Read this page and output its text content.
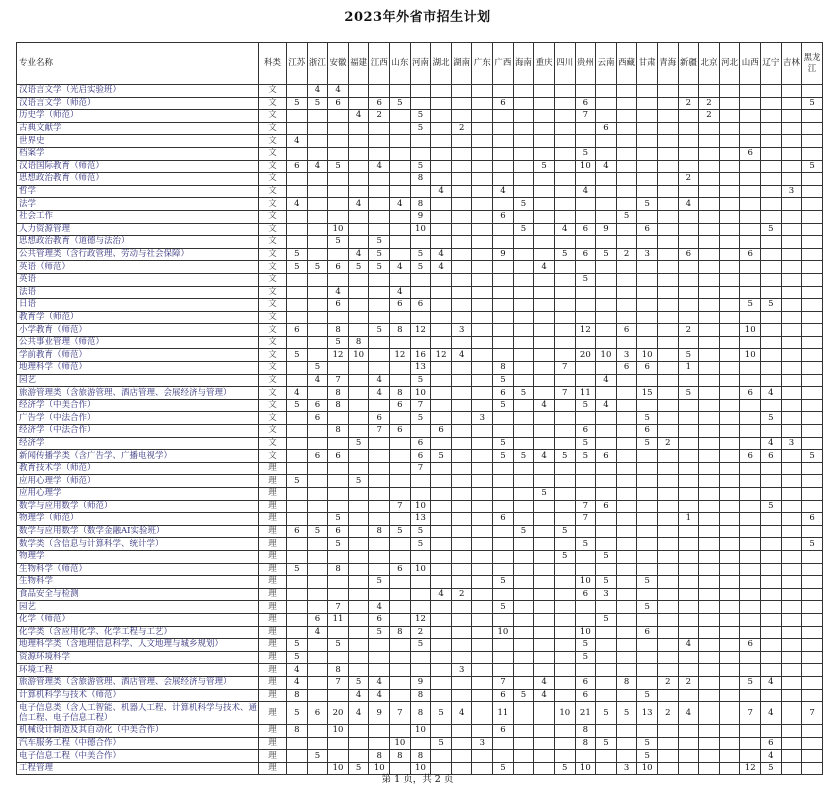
2023年外省市招生计划
专业名称	科类	江苏	浙江	安徽	福建	江西	山东	河南	湖北	湖南	广东	广西	海南	重庆	四川	贵州	云南	西藏	甘肃	青海	新疆	北京	河北	山西	辽宁	吉林	黑龙江
汉语言文学（光启实验班）	文		4	4																							
汉语言文学（师范）	文	5	5	6		6	5					6				6					2	2					5
历史学（师范）	文				4	2		5								7						2					
古典文献学	文							5		2							6										
世界史	文	4																									
档案学	文															5								6			
汉语国际教育（师范）	文	6	4	5		4		5						5		10	4										5
思想政治教育（师范）	文							8													2						
哲学	文								4			4				4										3	
法学	文	4			4		4	8					5						5		4						
社会工作	文							9				6						5									
人力资源管理	文			10				10					5		4	6	9		6						5		
思想政治教育（道德与法治）	文			5		5																					
公共管理类（含行政管理、劳动与社会保障）	文	5			4	5		5	4			9			5	6	5	2	3		6			6			
英语（师范）	文	5	5	6	5	5	4	5	4					4													
英语	文															5											
法语	文			4			4																				
日语	文			6			6	6																5	5		
教育学（师范）	文																										
小学教育（师范）	文	6		8		5	8	12		3						12		6			2			10			
公共事业管理（师范）	文			5	8																						
学前教育（师范）	文	5		12	10		12	16	12	4						20	10	3	10		5			10			
地理科学（师范）	文		5					13				8			7			6	6		1						
园艺	文		4	7		4		5				5					4										
旅游管理类（含旅游管理、酒店管理、会展经济与管理）	文	4		8		4	8	10				6	5		7	11			15		5			6	4		
经济学（中美合作）	文	5	6	8			6	7				5		4		5	4										
广告学（中法合作）	文		6			6		5			3								5						5		
经济学（中法合作）	文			8		7	6		6							6			6								
经济学	文				5			6				5				5			5	2					4	3	
新闻传播学类（含广告学、广播电视学）	文		6	6				6	5			5	5	4	5	5	6							6	6		5
教育技术学（师范）	理							7																			
应用心理学（师范）	理	5			5																						
应用心理学	理													5													
数学与应用数学（师范）	理						7	10								7	6								5		
物理学（师范）	理			5				13				6				7					1						6
数学与应用数学（数学金融AI实验班）	理	6	5	6		8	5	5					5		5												
数学类（含信息与计算科学、统计学）	理			5				5								5											5
物理学	理														5		5										
生物科学（师范）	理	5		8			6	10																			
生物科学	理					5						5				10	5		5								
食品安全与检测	理								4	2						6	3										
园艺	理			7		4						5							5								
化学（师范）	理		6	11		6		12									5										
化学类（含应用化学、化学工程与工艺）	理		4			5	8	2				10				10			6								
地理科学类（含地理信息科学、人文地理与城乡规划）	理	5		5				5								5					4			6			
资源环境科学	理	5														5											
环境工程	理	4		8						3																	
旅游管理类（含旅游管理、酒店管理、会展经济与管理）	理	4		7	5	4		9				7		4		6		8		2	2			5	4		
计算机科学与技术（师范）	理	8			4	4		8				6	5	4		6			5								
电子信息类（含人工智能、机器人工程、计算机科学与技术、通信工程、电子信息工程）	理	5	6	20	4	9	7	8	5	4		11			10	21	5	5	13	2	4			7	4		7
机械设计制造及其自动化（中美合作）	理	8		10				10				6				8											
汽车服务工程（中德合作）	理						10		5		3					8	5		5						6		
电子信息工程（中美合作）	理		5			8	8	8											5						4		
工程管理	理			10	5	10		10				5			5	10		3	10					12	5		
第 1 页，共 2 页
